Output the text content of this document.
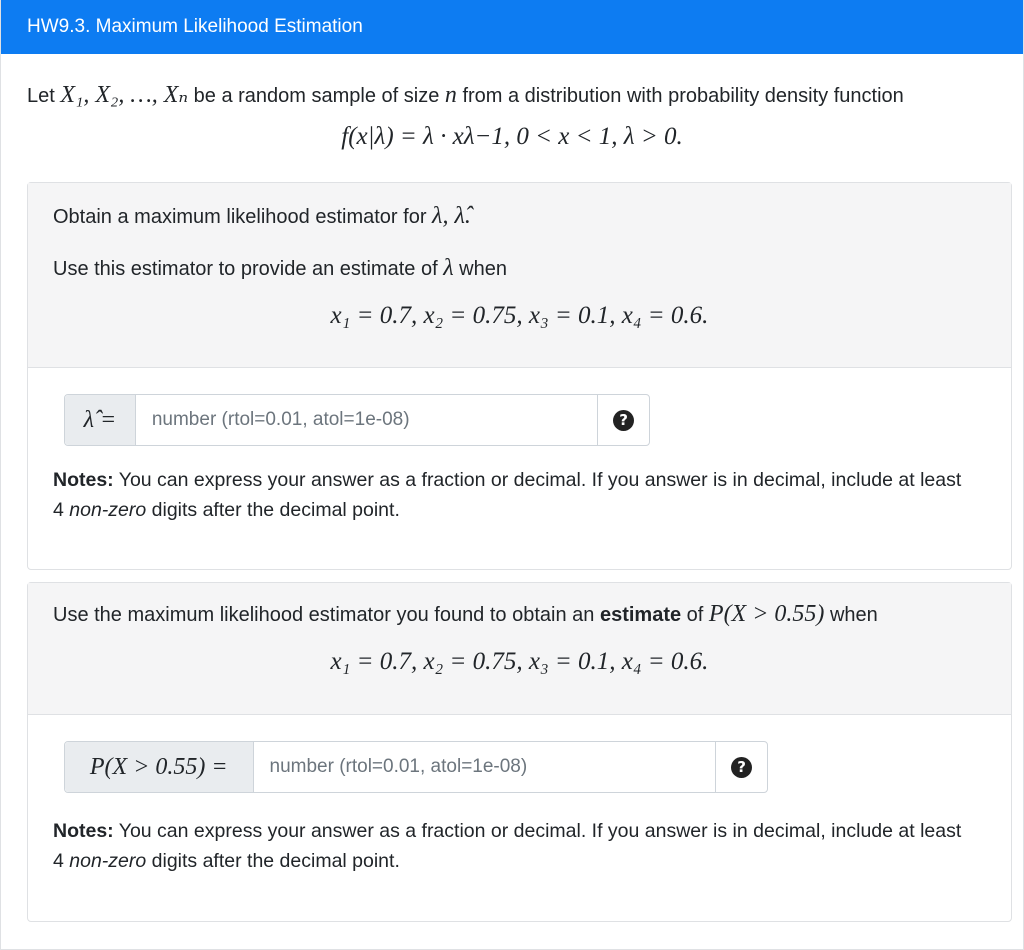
HW9.3. Maximum Likelihood Estimation
Let X₁, X₂, …, Xₙ be a random sample of size n from a distribution with probability density function
f(x|λ) = λ · xλ−1, 0 < x < 1, λ > 0.
Obtain a maximum likelihood estimator for λ, λ̂.
Use this estimator to provide an estimate of λ when
x₁ = 0.7, x₂ = 0.75, x₃ = 0.1, x₄ = 0.6.
λ̂ =
number (rtol=0.01, atol=1e-08)	?
Notes: You can express your answer as a fraction or decimal. If you answer is in decimal, include at least 4 non-zero digits after the decimal point.
Use the maximum likelihood estimator you found to obtain an estimate of P(X > 0.55) when
x₁ = 0.7, x₂ = 0.75, x₃ = 0.1, x₄ = 0.6.
P(X > 0.55) =
number (rtol=0.01, atol=1e-08)	?
Notes: You can express your answer as a fraction or decimal. If you answer is in decimal, include at least 4 non-zero digits after the decimal point.
